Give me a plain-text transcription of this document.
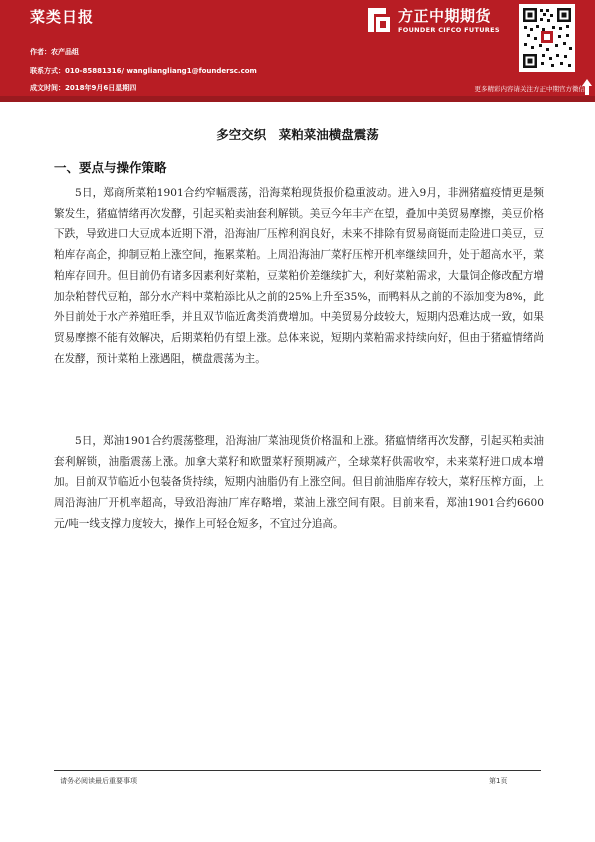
菜类日报
作者：农产品组
联系方式：010-85881316/ wangliangliang1@foundersc.com
成文时间：2018年9月6日星期四
方正中期期货
FOUNDER CIFCO FUTURES
更多精彩内容请关注方正中期官方微信
多空交织　菜粕菜油横盘震荡
一、要点与操作策略

5日，郑商所菜粕1901合约窄幅震荡，沿海菜粕现货报价稳重波动。进入9月，非洲猪瘟疫情更是频繁发生，猪瘟情绪再次发酵，引起买粕卖油套利解锁。美豆今年丰产在望，叠加中美贸易摩擦，美豆价格下跌，导致进口大豆成本近期下滑，沿海油厂压榨利润良好，未来不排除有贸易商铤而走险进口美豆，豆粕库存高企，抑制豆粕上涨空间，拖累菜粕。上周沿海油厂菜籽压榨开机率继续回升，处于超高水平，菜粕库存回升。但目前仍有诸多因素利好菜粕，豆菜粕价差继续扩大，利好菜粕需求，大量饲企修改配方增加杂粕替代豆粕，部分水产料中菜粕添比从之前的25%上升至35%，而鸭料从之前的不添加变为8%，此外目前处于水产养殖旺季，并且双节临近禽类消费增加。中美贸易分歧较大，短期内恐难达成一致，如果贸易摩擦不能有效解决，后期菜粕仍有望上涨。总体来说，短期内菜粕需求持续向好，但由于猪瘟情绪尚在发酵，预计菜粕上涨遇阻，横盘震荡为主。

5日，郑油1901合约震荡整理，沿海油厂菜油现货价格温和上涨。猪瘟情绪再次发酵，引起买粕卖油套利解锁，油脂震荡上涨。加拿大菜籽和欧盟菜籽预期减产，全球菜籽供需收窄，未来菜籽进口成本增加。目前双节临近小包装备货持续，短期内油脂仍有上涨空间。但目前油脂库存较大，菜籽压榨方面，上周沿海油厂开机率超高，导致沿海油厂库存略增，菜油上涨空间有限。目前来看，郑油1901合约6600元/吨一线支撑力度较大，操作上可轻仓短多，不宜过分追高。

请务必阅读最后重要事项	第1页
